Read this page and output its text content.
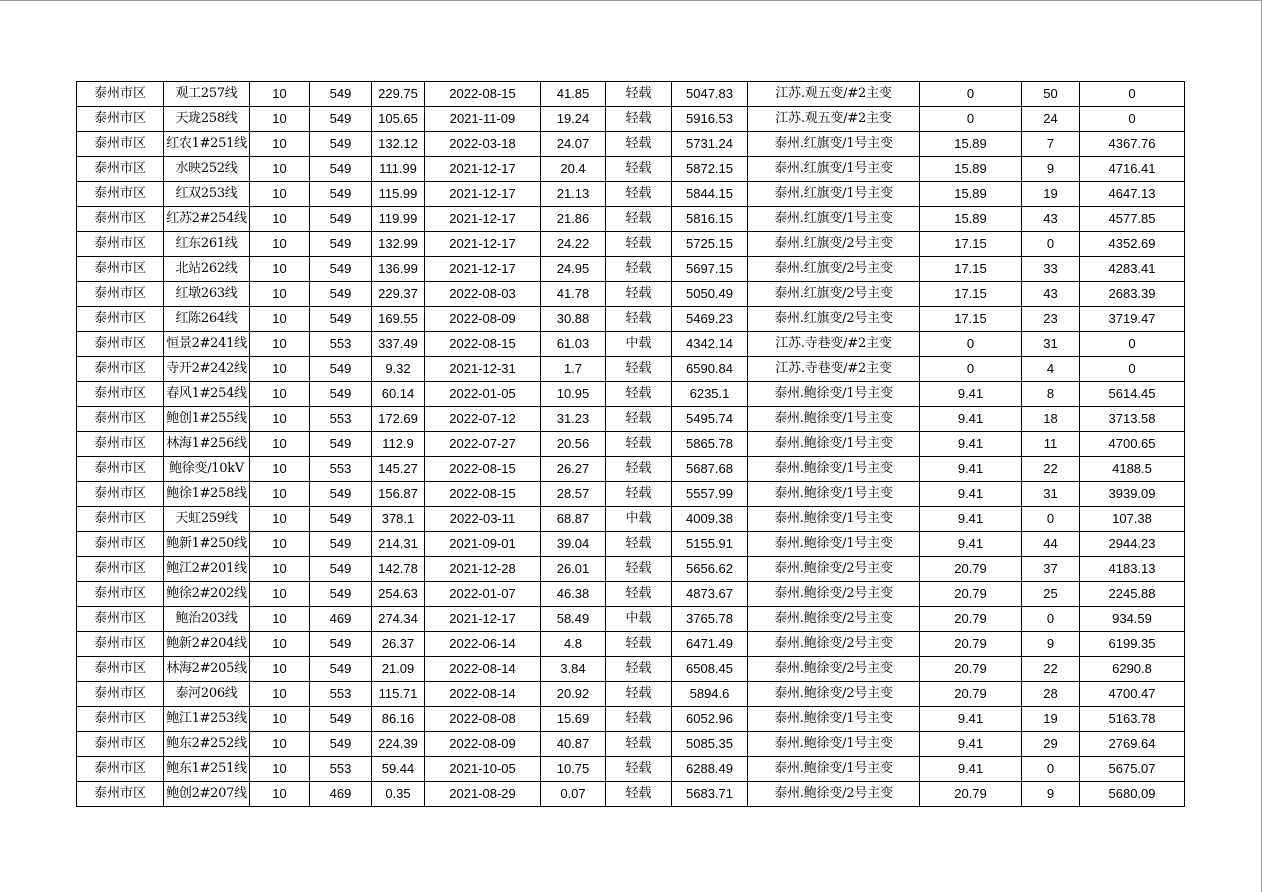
泰州市区	观工257线	10	549	229.75	2022-08-15	41.85	轻载	5047.83	江苏.观五变/#2主变	0	50	0
泰州市区	天珑258线	10	549	105.65	2021-11-09	19.24	轻载	5916.53	江苏.观五变/#2主变	0	24	0
泰州市区	红农1#251线	10	549	132.12	2022-03-18	24.07	轻载	5731.24	泰州.红旗变/1号主变	15.89	7	4367.76
泰州市区	水映252线	10	549	111.99	2021-12-17	20.4	轻载	5872.15	泰州.红旗变/1号主变	15.89	9	4716.41
泰州市区	红双253线	10	549	115.99	2021-12-17	21.13	轻载	5844.15	泰州.红旗变/1号主变	15.89	19	4647.13
泰州市区	红苏2#254线	10	549	119.99	2021-12-17	21.86	轻载	5816.15	泰州.红旗变/1号主变	15.89	43	4577.85
泰州市区	红东261线	10	549	132.99	2021-12-17	24.22	轻载	5725.15	泰州.红旗变/2号主变	17.15	0	4352.69
泰州市区	北站262线	10	549	136.99	2021-12-17	24.95	轻载	5697.15	泰州.红旗变/2号主变	17.15	33	4283.41
泰州市区	红墩263线	10	549	229.37	2022-08-03	41.78	轻载	5050.49	泰州.红旗变/2号主变	17.15	43	2683.39
泰州市区	红陈264线	10	549	169.55	2022-08-09	30.88	轻载	5469.23	泰州.红旗变/2号主变	17.15	23	3719.47
泰州市区	恒景2#241线	10	553	337.49	2022-08-15	61.03	中载	4342.14	江苏.寺巷变/#2主变	0	31	0
泰州市区	寺开2#242线	10	549	9.32	2021-12-31	1.7	轻载	6590.84	江苏.寺巷变/#2主变	0	4	0
泰州市区	春风1#254线	10	549	60.14	2022-01-05	10.95	轻载	6235.1	泰州.鲍徐变/1号主变	9.41	8	5614.45
泰州市区	鲍创1#255线	10	553	172.69	2022-07-12	31.23	轻载	5495.74	泰州.鲍徐变/1号主变	9.41	18	3713.58
泰州市区	林海1#256线	10	549	112.9	2022-07-27	20.56	轻载	5865.78	泰州.鲍徐变/1号主变	9.41	11	4700.65
泰州市区	鲍徐变/10kV	10	553	145.27	2022-08-15	26.27	轻载	5687.68	泰州.鲍徐变/1号主变	9.41	22	4188.5
泰州市区	鲍徐1#258线	10	549	156.87	2022-08-15	28.57	轻载	5557.99	泰州.鲍徐变/1号主变	9.41	31	3939.09
泰州市区	天虹259线	10	549	378.1	2022-03-11	68.87	中载	4009.38	泰州.鲍徐变/1号主变	9.41	0	107.38
泰州市区	鲍新1#250线	10	549	214.31	2021-09-01	39.04	轻载	5155.91	泰州.鲍徐变/1号主变	9.41	44	2944.23
泰州市区	鲍江2#201线	10	549	142.78	2021-12-28	26.01	轻载	5656.62	泰州.鲍徐变/2号主变	20.79	37	4183.13
泰州市区	鲍徐2#202线	10	549	254.63	2022-01-07	46.38	轻载	4873.67	泰州.鲍徐变/2号主变	20.79	25	2245.88
泰州市区	鲍治203线	10	469	274.34	2021-12-17	58.49	中载	3765.78	泰州.鲍徐变/2号主变	20.79	0	934.59
泰州市区	鲍新2#204线	10	549	26.37	2022-06-14	4.8	轻载	6471.49	泰州.鲍徐变/2号主变	20.79	9	6199.35
泰州市区	林海2#205线	10	549	21.09	2022-08-14	3.84	轻载	6508.45	泰州.鲍徐变/2号主变	20.79	22	6290.8
泰州市区	泰河206线	10	553	115.71	2022-08-14	20.92	轻载	5894.6	泰州.鲍徐变/2号主变	20.79	28	4700.47
泰州市区	鲍江1#253线	10	549	86.16	2022-08-08	15.69	轻载	6052.96	泰州.鲍徐变/1号主变	9.41	19	5163.78
泰州市区	鲍东2#252线	10	549	224.39	2022-08-09	40.87	轻载	5085.35	泰州.鲍徐变/1号主变	9.41	29	2769.64
泰州市区	鲍东1#251线	10	553	59.44	2021-10-05	10.75	轻载	6288.49	泰州.鲍徐变/1号主变	9.41	0	5675.07
泰州市区	鲍创2#207线	10	469	0.35	2021-08-29	0.07	轻载	5683.71	泰州.鲍徐变/2号主变	20.79	9	5680.09
